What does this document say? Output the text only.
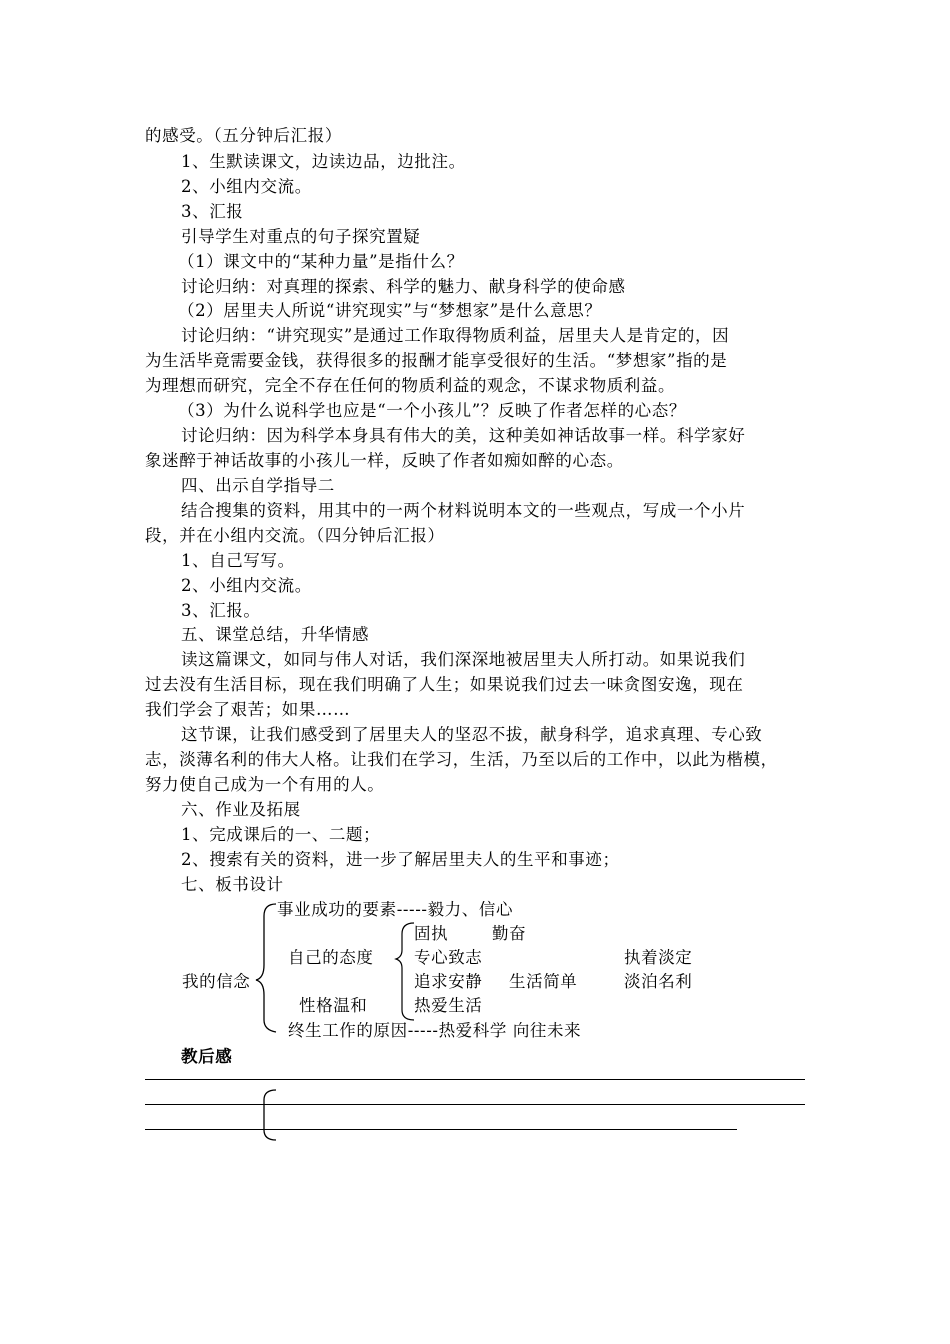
的感受。（五分钟后汇报）
1、生默读课文，边读边品，边批注。
2、小组内交流。
3、汇报
引导学生对重点的句子探究置疑
（1）课文中的“某种力量”是指什么？
讨论归纳：对真理的探索、科学的魅力、献身科学的使命感
（2）居里夫人所说“讲究现实”与“梦想家”是什么意思？
讨论归纳：“讲究现实”是通过工作取得物质利益，居里夫人是肯定的，因
为生活毕竟需要金钱，获得很多的报酬才能享受很好的生活。“梦想家”指的是
为理想而研究，完全不存在任何的物质利益的观念，不谋求物质利益。
（3）为什么说科学也应是“一个小孩儿”？反映了作者怎样的心态？
讨论归纳：因为科学本身具有伟大的美，这种美如神话故事一样。科学家好
象迷醉于神话故事的小孩儿一样，反映了作者如痴如醉的心态。
四、出示自学指导二
结合搜集的资料，用其中的一两个材料说明本文的一些观点，写成一个小片
段，并在小组内交流。（四分钟后汇报）
1、自己写写。
2、小组内交流。
3、汇报。
五、课堂总结，升华情感
读这篇课文，如同与伟人对话，我们深深地被居里夫人所打动。如果说我们
过去没有生活目标，现在我们明确了人生；如果说我们过去一味贪图安逸，现在
我们学会了艰苦；如果……
这节课，让我们感受到了居里夫人的坚忍不拔，献身科学，追求真理、专心致
志，淡薄名利的伟大人格。让我们在学习，生活，乃至以后的工作中，以此为楷模，
努力使自己成为一个有用的人。
六、作业及拓展
1、完成课后的一、二题；
2、搜索有关的资料，进一步了解居里夫人的生平和事迹；
七、板书设计
事业成功的要素-----毅力、信心
我的信念
自己的态度
性格温和
固执	勤奋
专心致志	执着淡定
追求安静 生活简单	淡泊名利
热爱生活
终生工作的原因-----热爱科学 向往未来
教后感
